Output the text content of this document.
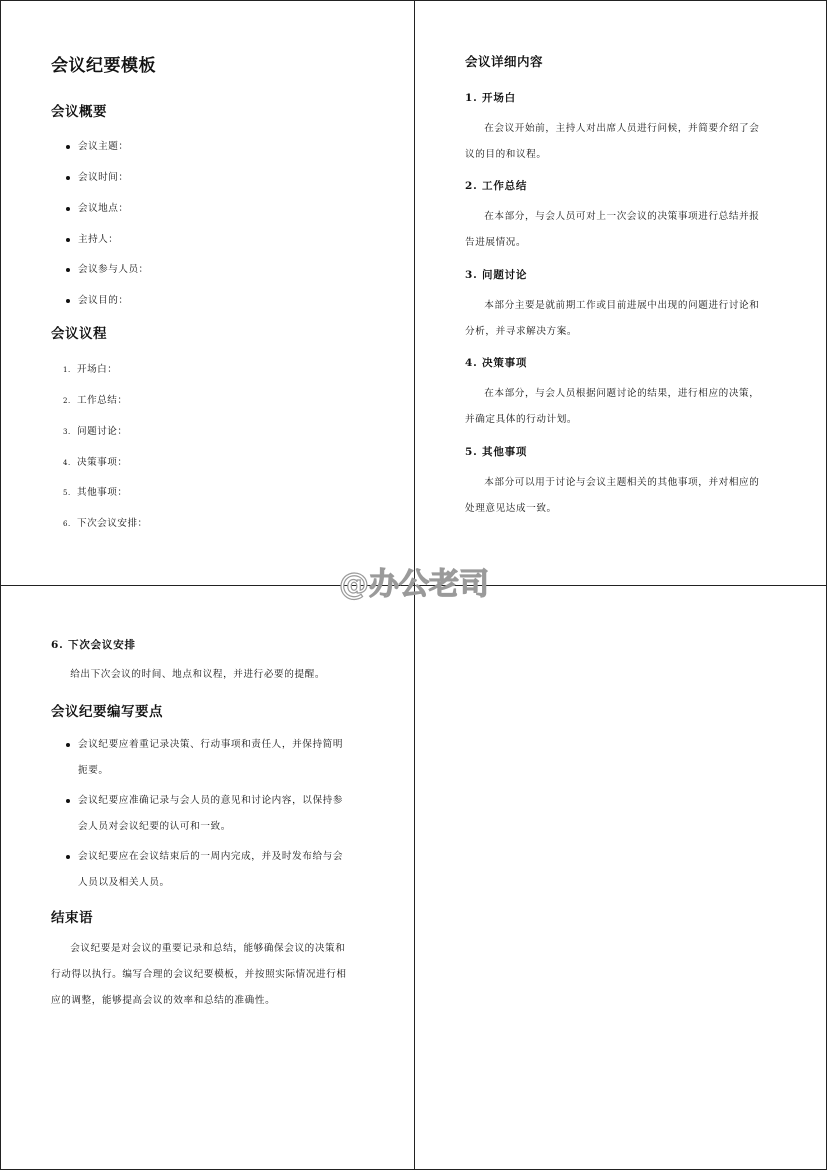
会议纪要模板
会议概要
会议主题：
会议时间：
会议地点：
主持人：
会议参与人员：
会议目的：
会议议程
1. 开场白：
2. 工作总结：
3. 问题讨论：
4. 决策事项：
5. 其他事项：
6. 下次会议安排：
会议详细内容
1. 开场白
在会议开始前，主持人对出席人员进行问候，并简要介绍了会
议的目的和议程。
2. 工作总结
在本部分，与会人员可对上一次会议的决策事项进行总结并报
告进展情况。
3. 问题讨论
本部分主要是就前期工作或目前进展中出现的问题进行讨论和
分析，并寻求解决方案。
4. 决策事项
在本部分，与会人员根据问题讨论的结果，进行相应的决策，
并确定具体的行动计划。
5. 其他事项
本部分可以用于讨论与会议主题相关的其他事项，并对相应的
处理意见达成一致。
6. 下次会议安排
给出下次会议的时间、地点和议程，并进行必要的提醒。
会议纪要编写要点
会议纪要应着重记录决策、行动事项和责任人，并保持简明
扼要。
会议纪要应准确记录与会人员的意见和讨论内容，以保持参
会人员对会议纪要的认可和一致。
会议纪要应在会议结束后的一周内完成，并及时发布给与会
人员以及相关人员。
结束语
会议纪要是对会议的重要记录和总结，能够确保会议的决策和
行动得以执行。编写合理的会议纪要模板，并按照实际情况进行相
应的调整，能够提高会议的效率和总结的准确性。
@办公老司
